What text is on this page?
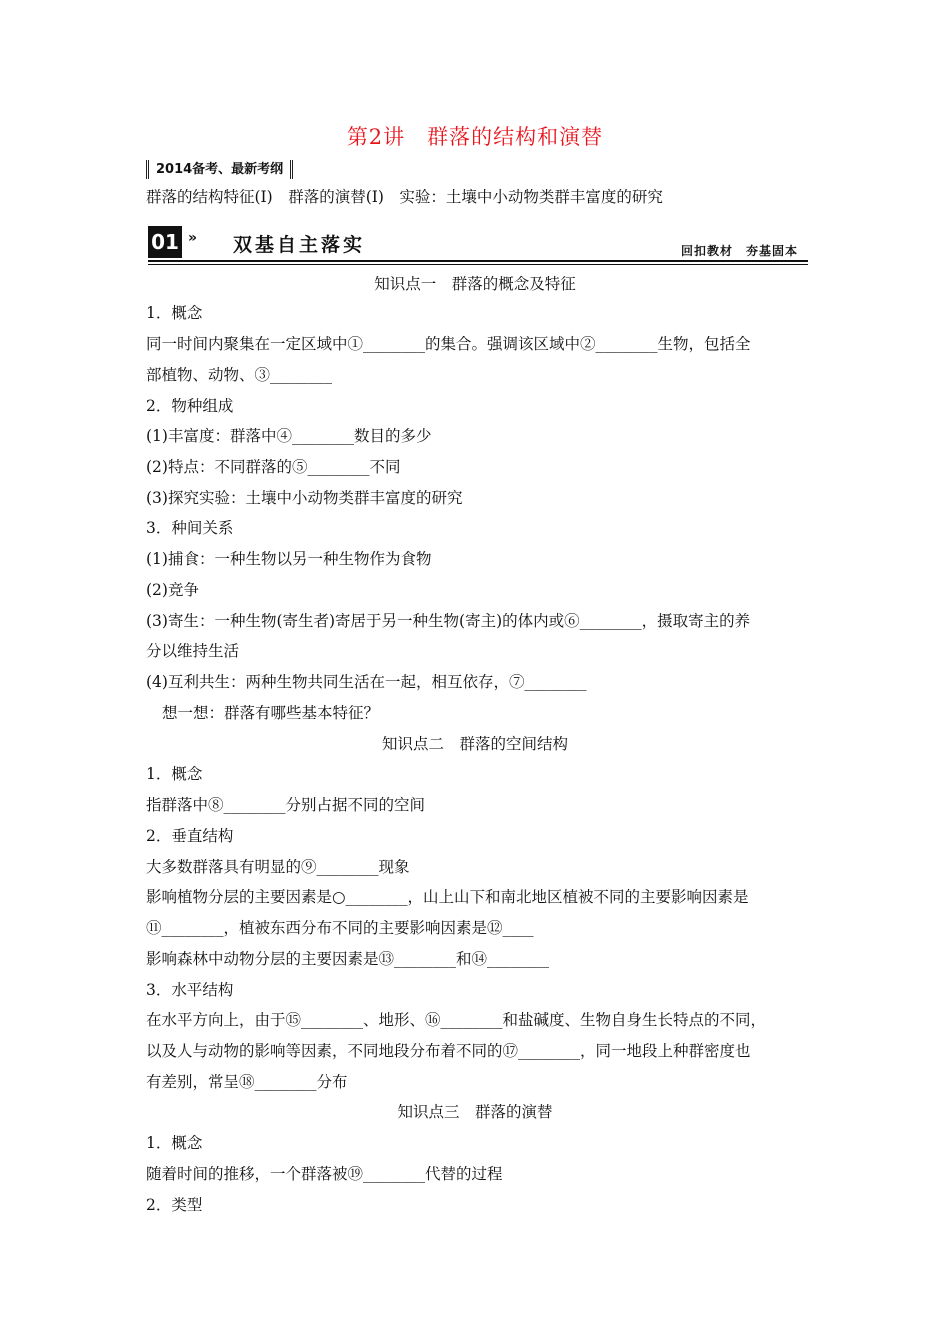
第2讲　群落的结构和演替
2014备考、最新考纲
群落的结构特征(Ⅰ)　群落的演替(Ⅰ)　实验：土壤中小动物类群丰富度的研究
01 » 双基自主落实	回扣教材　夯基固本
知识点一　群落的概念及特征
1．概念
同一时间内聚集在一定区域中①________的集合。强调该区域中②________生物，包括全
部植物、动物、③________
2．物种组成
(1)丰富度：群落中④________数目的多少
(2)特点：不同群落的⑤________不同
(3)探究实验：土壤中小动物类群丰富度的研究
3．种间关系
(1)捕食：一种生物以另一种生物作为食物
(2)竞争
(3)寄生：一种生物(寄生者)寄居于另一种生物(寄主)的体内或⑥________，摄取寄主的养
分以维持生活
(4)互利共生：两种生物共同生活在一起，相互依存，⑦________
想一想：群落有哪些基本特征？
知识点二　群落的空间结构
1．概念
指群落中⑧________分别占据不同的空间
2．垂直结构
大多数群落具有明显的⑨________现象
影响植物分层的主要因素是○________，山上山下和南北地区植被不同的主要影响因素是
⑪________，植被东西分布不同的主要影响因素是⑫____
影响森林中动物分层的主要因素是⑬________和⑭________
3．水平结构
在水平方向上，由于⑮________、地形、⑯________和盐碱度、生物自身生长特点的不同，
以及人与动物的影响等因素，不同地段分布着不同的⑰________，同一地段上种群密度也
有差别，常呈⑱________分布
知识点三　群落的演替
1．概念
随着时间的推移，一个群落被⑲________代替的过程
2．类型
